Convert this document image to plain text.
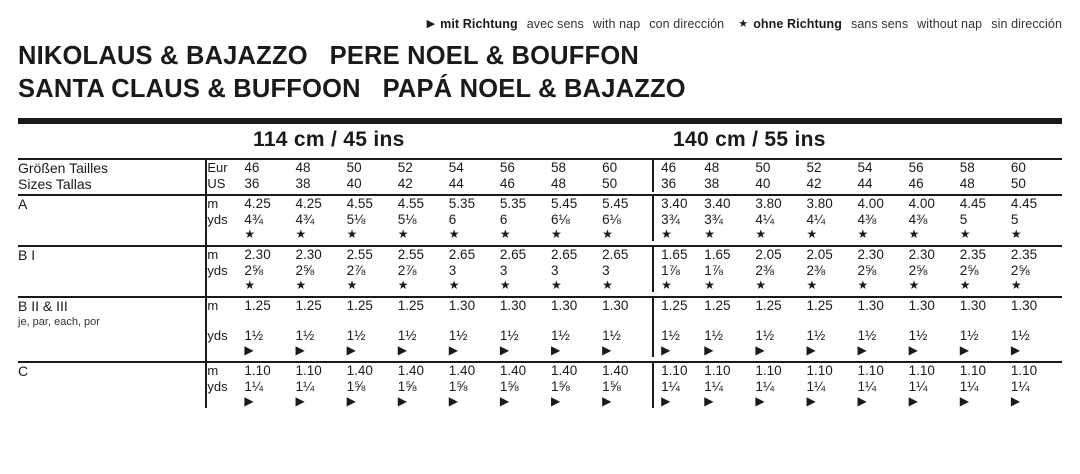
▶ mit Richtung avec sens with nap con dirección ★ ohne Richtung sans sens without nap sin dirección
NIKOLAUS & BAJAZZO   PERE NOEL & BOUFFON
SANTA CLAUS & BUFFOON   PAPÁ NOEL & BAJAZZO
114 cm / 45 ins	140 cm / 55 ins
Größen Tailles	Eur	46	48	50	52	54	56	58	60	46	48	50	52	54	56	58	60
Sizes Tallas	US	36	38	40	42	44	46	48	50	36	38	40	42	44	46	48	50

A	m	4.25	4.25	4.55	4.55	5.35	5.35	5.45	5.45	3.40	3.40	3.80	3.80	4.00	4.00	4.45	4.45
	yds	4¾	4¾	5⅛	5⅛	6	6	6⅛	6⅛	3¾	3¾	4¼	4¼	4⅜	4⅜	5	5
		★	★	★	★	★	★	★	★	★	★	★	★	★	★	★	★

B I	m	2.30	2.30	2.55	2.55	2.65	2.65	2.65	2.65	1.65	1.65	2.05	2.05	2.30	2.30	2.35	2.35
	yds	2⅝	2⅝	2⅞	2⅞	3	3	3	3	1⅞	1⅞	2⅜	2⅜	2⅝	2⅝	2⅝	2⅝
		★	★	★	★	★	★	★	★	★	★	★	★	★	★	★	★

B II & III
je, par, each, por	m	1.25	1.25	1.25	1.25	1.30	1.30	1.30	1.30	1.25	1.25	1.25	1.25	1.30	1.30	1.30	1.30
	yds	1½	1½	1½	1½	1½	1½	1½	1½	1½	1½	1½	1½	1½	1½	1½	1½
		▶	▶	▶	▶	▶	▶	▶	▶	▶	▶	▶	▶	▶	▶	▶	▶

C	m	1.10	1.10	1.40	1.40	1.40	1.40	1.40	1.40	1.10	1.10	1.10	1.10	1.10	1.10	1.10	1.10
	yds	1¼	1¼	1⅝	1⅝	1⅝	1⅝	1⅝	1⅝	1¼	1¼	1¼	1¼	1¼	1¼	1¼	1¼
		▶	▶	▶	▶	▶	▶	▶	▶	▶	▶	▶	▶	▶	▶	▶	▶
